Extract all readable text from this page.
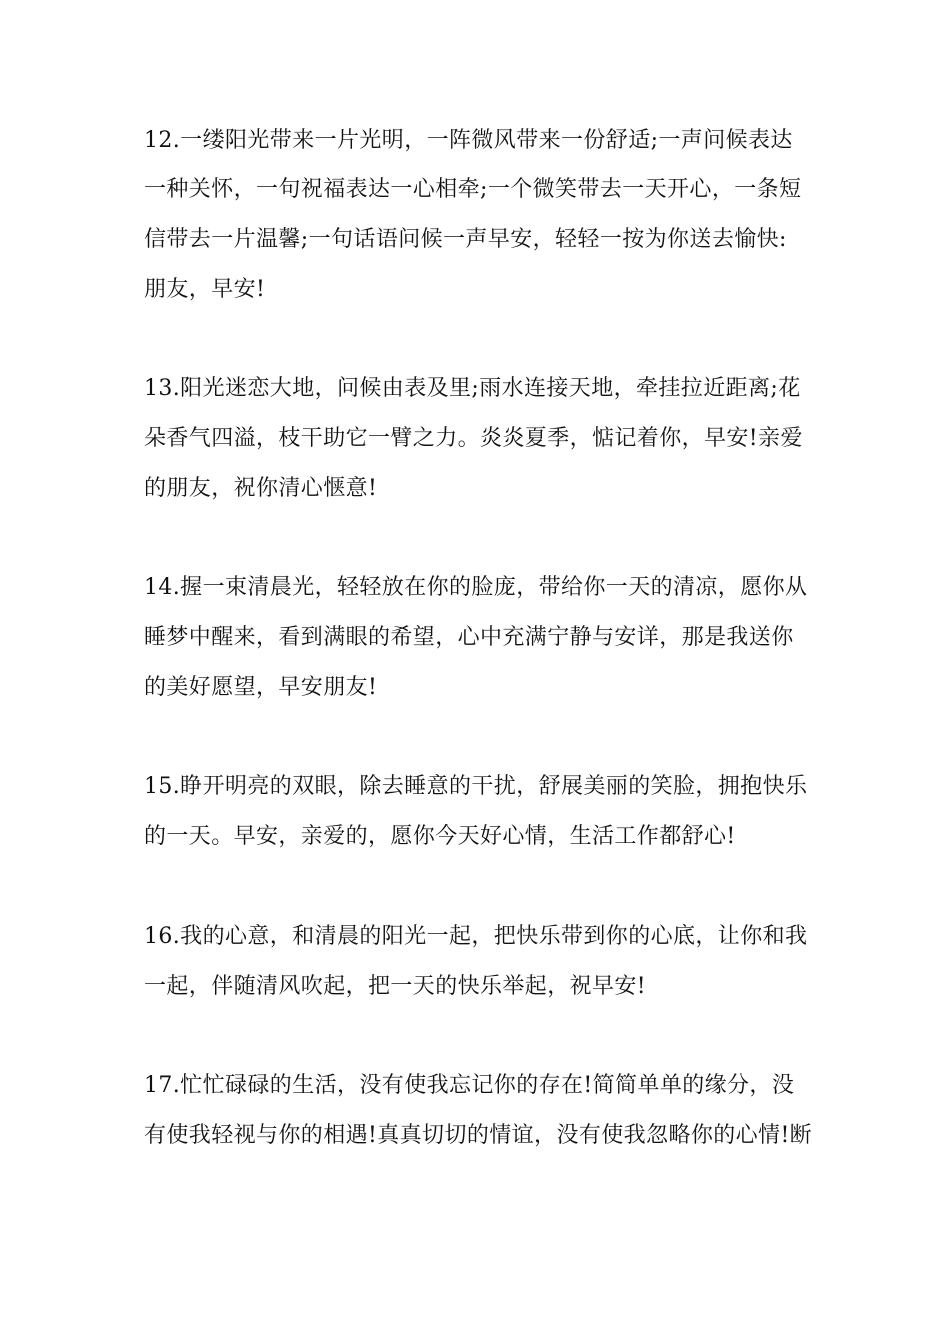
12.一缕阳光带来一片光明，一阵微风带来一份舒适;一声问候表达
一种关怀，一句祝福表达一心相牵;一个微笑带去一天开心，一条短
信带去一片温馨;一句话语问候一声早安，轻轻一按为你送去愉快:
朋友，早安!
13.阳光迷恋大地，问候由表及里;雨水连接天地，牵挂拉近距离;花
朵香气四溢，枝干助它一臂之力。炎炎夏季，惦记着你，早安!亲爱
的朋友，祝你清心惬意!
14.握一束清晨光，轻轻放在你的脸庞，带给你一天的清凉，愿你从
睡梦中醒来，看到满眼的希望，心中充满宁静与安详，那是我送你
的美好愿望，早安朋友!
15.睁开明亮的双眼，除去睡意的干扰，舒展美丽的笑脸，拥抱快乐
的一天。早安，亲爱的，愿你今天好心情，生活工作都舒心!
16.我的心意，和清晨的阳光一起，把快乐带到你的心底，让你和我
一起，伴随清风吹起，把一天的快乐举起，祝早安!
17.忙忙碌碌的生活，没有使我忘记你的存在!简简单单的缘分，没
有使我轻视与你的相遇!真真切切的情谊，没有使我忽略你的心情!断
